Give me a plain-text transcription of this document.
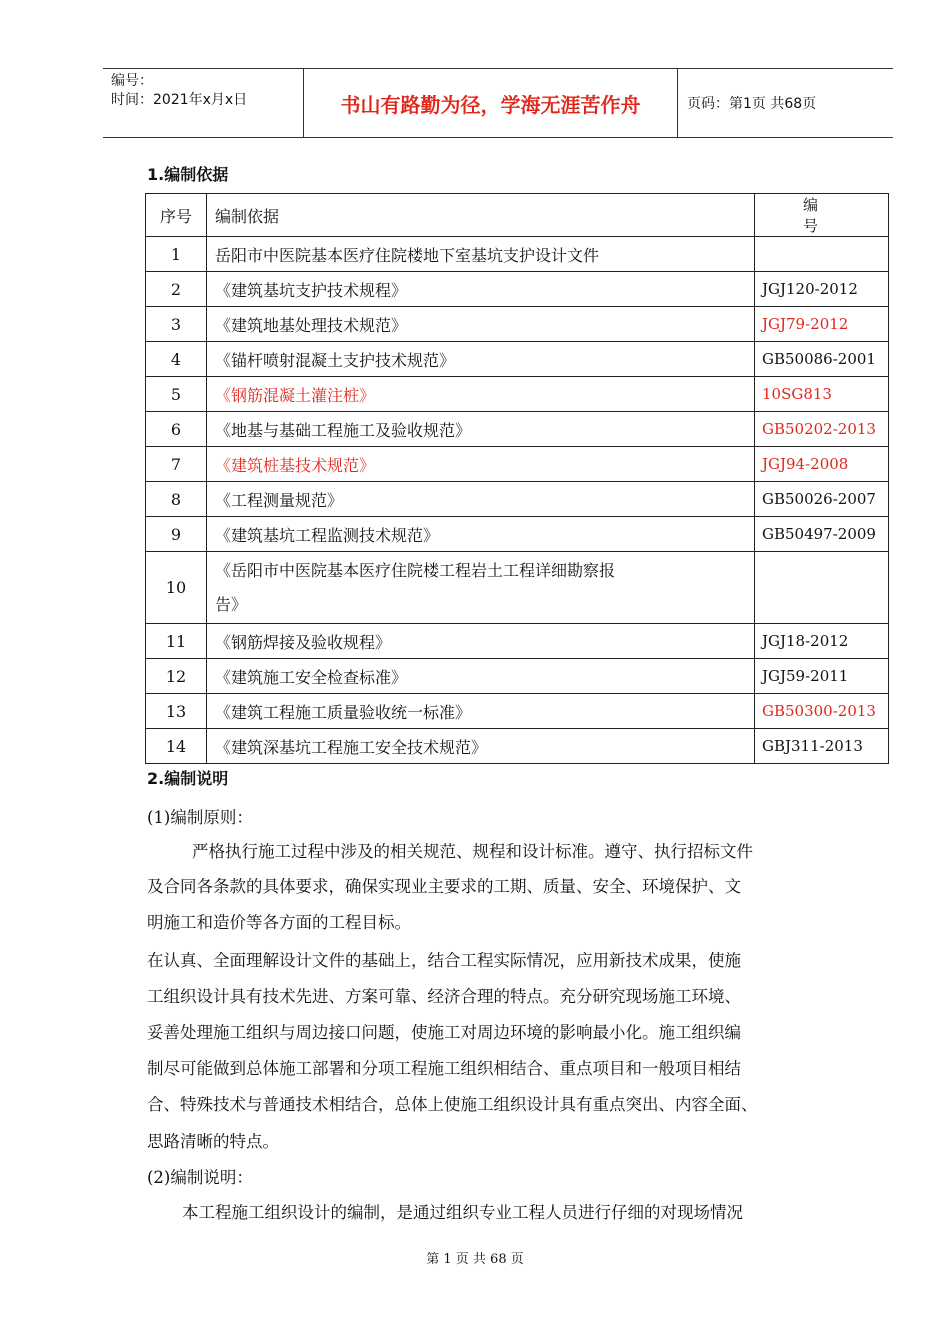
编号：
时间：2021年x月x日	书山有路勤为径，学海无涯苦作舟	页码：第1页 共68页
1.编制依据
序号	编制依据	编　　号
1	岳阳市中医院基本医疗住院楼地下室基坑支护设计文件	
2	《建筑基坑支护技术规程》	JGJ120-2012
3	《建筑地基处理技术规范》	JGJ79-2012
4	《锚杆喷射混凝土支护技术规范》	GB50086-2001
5	《钢筋混凝土灌注桩》	10SG813
6	《地基与基础工程施工及验收规范》	GB50202-2013
7	《建筑桩基技术规范》	JGJ94-2008
8	《工程测量规范》	GB50026-2007
9	《建筑基坑工程监测技术规范》	GB50497-2009
10	《岳阳市中医院基本医疗住院楼工程岩土工程详细勘察报
告》	

11	《钢筋焊接及验收规程》	JGJ18-2012
12	《建筑施工安全检查标准》	JGJ59-2011
13	《建筑工程施工质量验收统一标准》	GB50300-2013
14	《建筑深基坑工程施工安全技术规范》	GBJ311-2013
2.编制说明
(1)编制原则：
严格执行施工过程中涉及的相关规范、规程和设计标准。遵守、执行招标文件
及合同各条款的具体要求，确保实现业主要求的工期、质量、安全、环境保护、文
明施工和造价等各方面的工程目标。
在认真、全面理解设计文件的基础上，结合工程实际情况，应用新技术成果，使施
工组织设计具有技术先进、方案可靠、经济合理的特点。充分研究现场施工环境、
妥善处理施工组织与周边接口问题，使施工对周边环境的影响最小化。施工组织编
制尽可能做到总体施工部署和分项工程施工组织相结合、重点项目和一般项目相结
合、特殊技术与普通技术相结合，总体上使施工组织设计具有重点突出、内容全面、
思路清晰的特点。
(2)编制说明：
本工程施工组织设计的编制，是通过组织专业工程人员进行仔细的对现场情况
第 1 页 共 68 页
